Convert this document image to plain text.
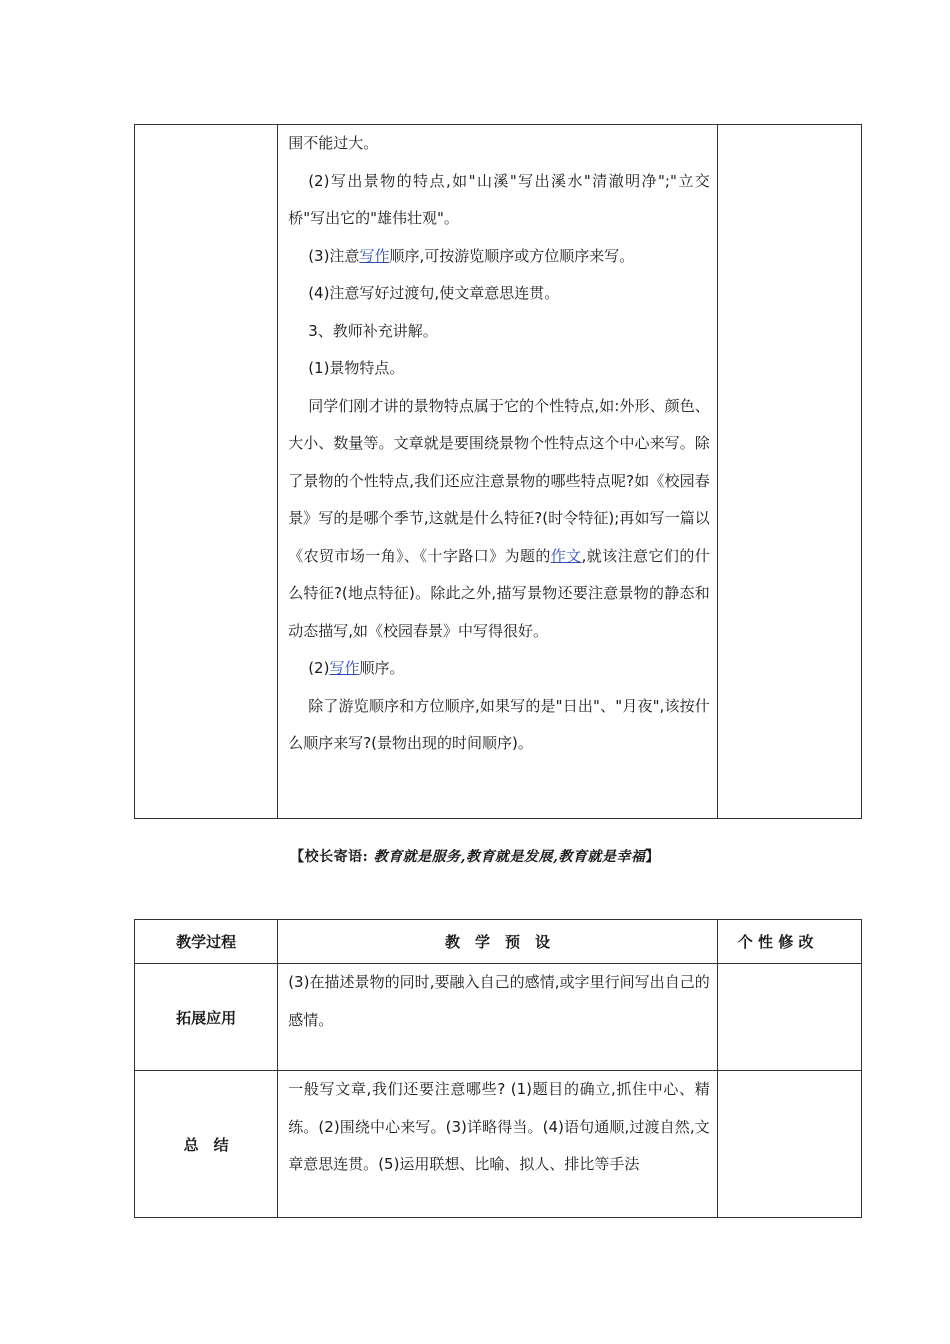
围不能过大。

(2)写出景物的特点,如"山溪"写出溪水"清澈明净";"立交桥"写出它的"雄伟壮观"。

(3)注意写作顺序,可按游览顺序或方位顺序来写。

(4)注意写好过渡句,使文章意思连贯。

3、教师补充讲解。

(1)景物特点。

同学们刚才讲的景物特点属于它的个性特点,如:外形、颜色、大小、数量等。文章就是要围绕景物个性特点这个中心来写。除了景物的个性特点,我们还应注意景物的哪些特点呢?如《校园春景》写的是哪个季节,这就是什么特征?(时令特征);再如写一篇以《农贸市场一角》、《十字路口》为题的作文,就该注意它们的什么特征?(地点特征)。除此之外,描写景物还要注意景物的静态和动态描写,如《校园春景》中写得很好。

(2)写作顺序。

除了游览顺序和方位顺序,如果写的是"日出"、"月夜",该按什么顺序来写?(景物出现的时间顺序)。

【校长寄语: 教育就是服务,教育就是发展,教育就是幸福】
教学过程	教　学　预　设	个 性 修 改
拓展应用	(3)在描述景物的同时,要融入自己的感情,或字里行间写出自己的感情。	
总　结	一般写文章,我们还要注意哪些? (1)题目的确立,抓住中心、精练。(2)围绕中心来写。(3)详略得当。(4)语句通顺,过渡自然,文章意思连贯。(5)运用联想、比喻、拟人、排比等手法	
